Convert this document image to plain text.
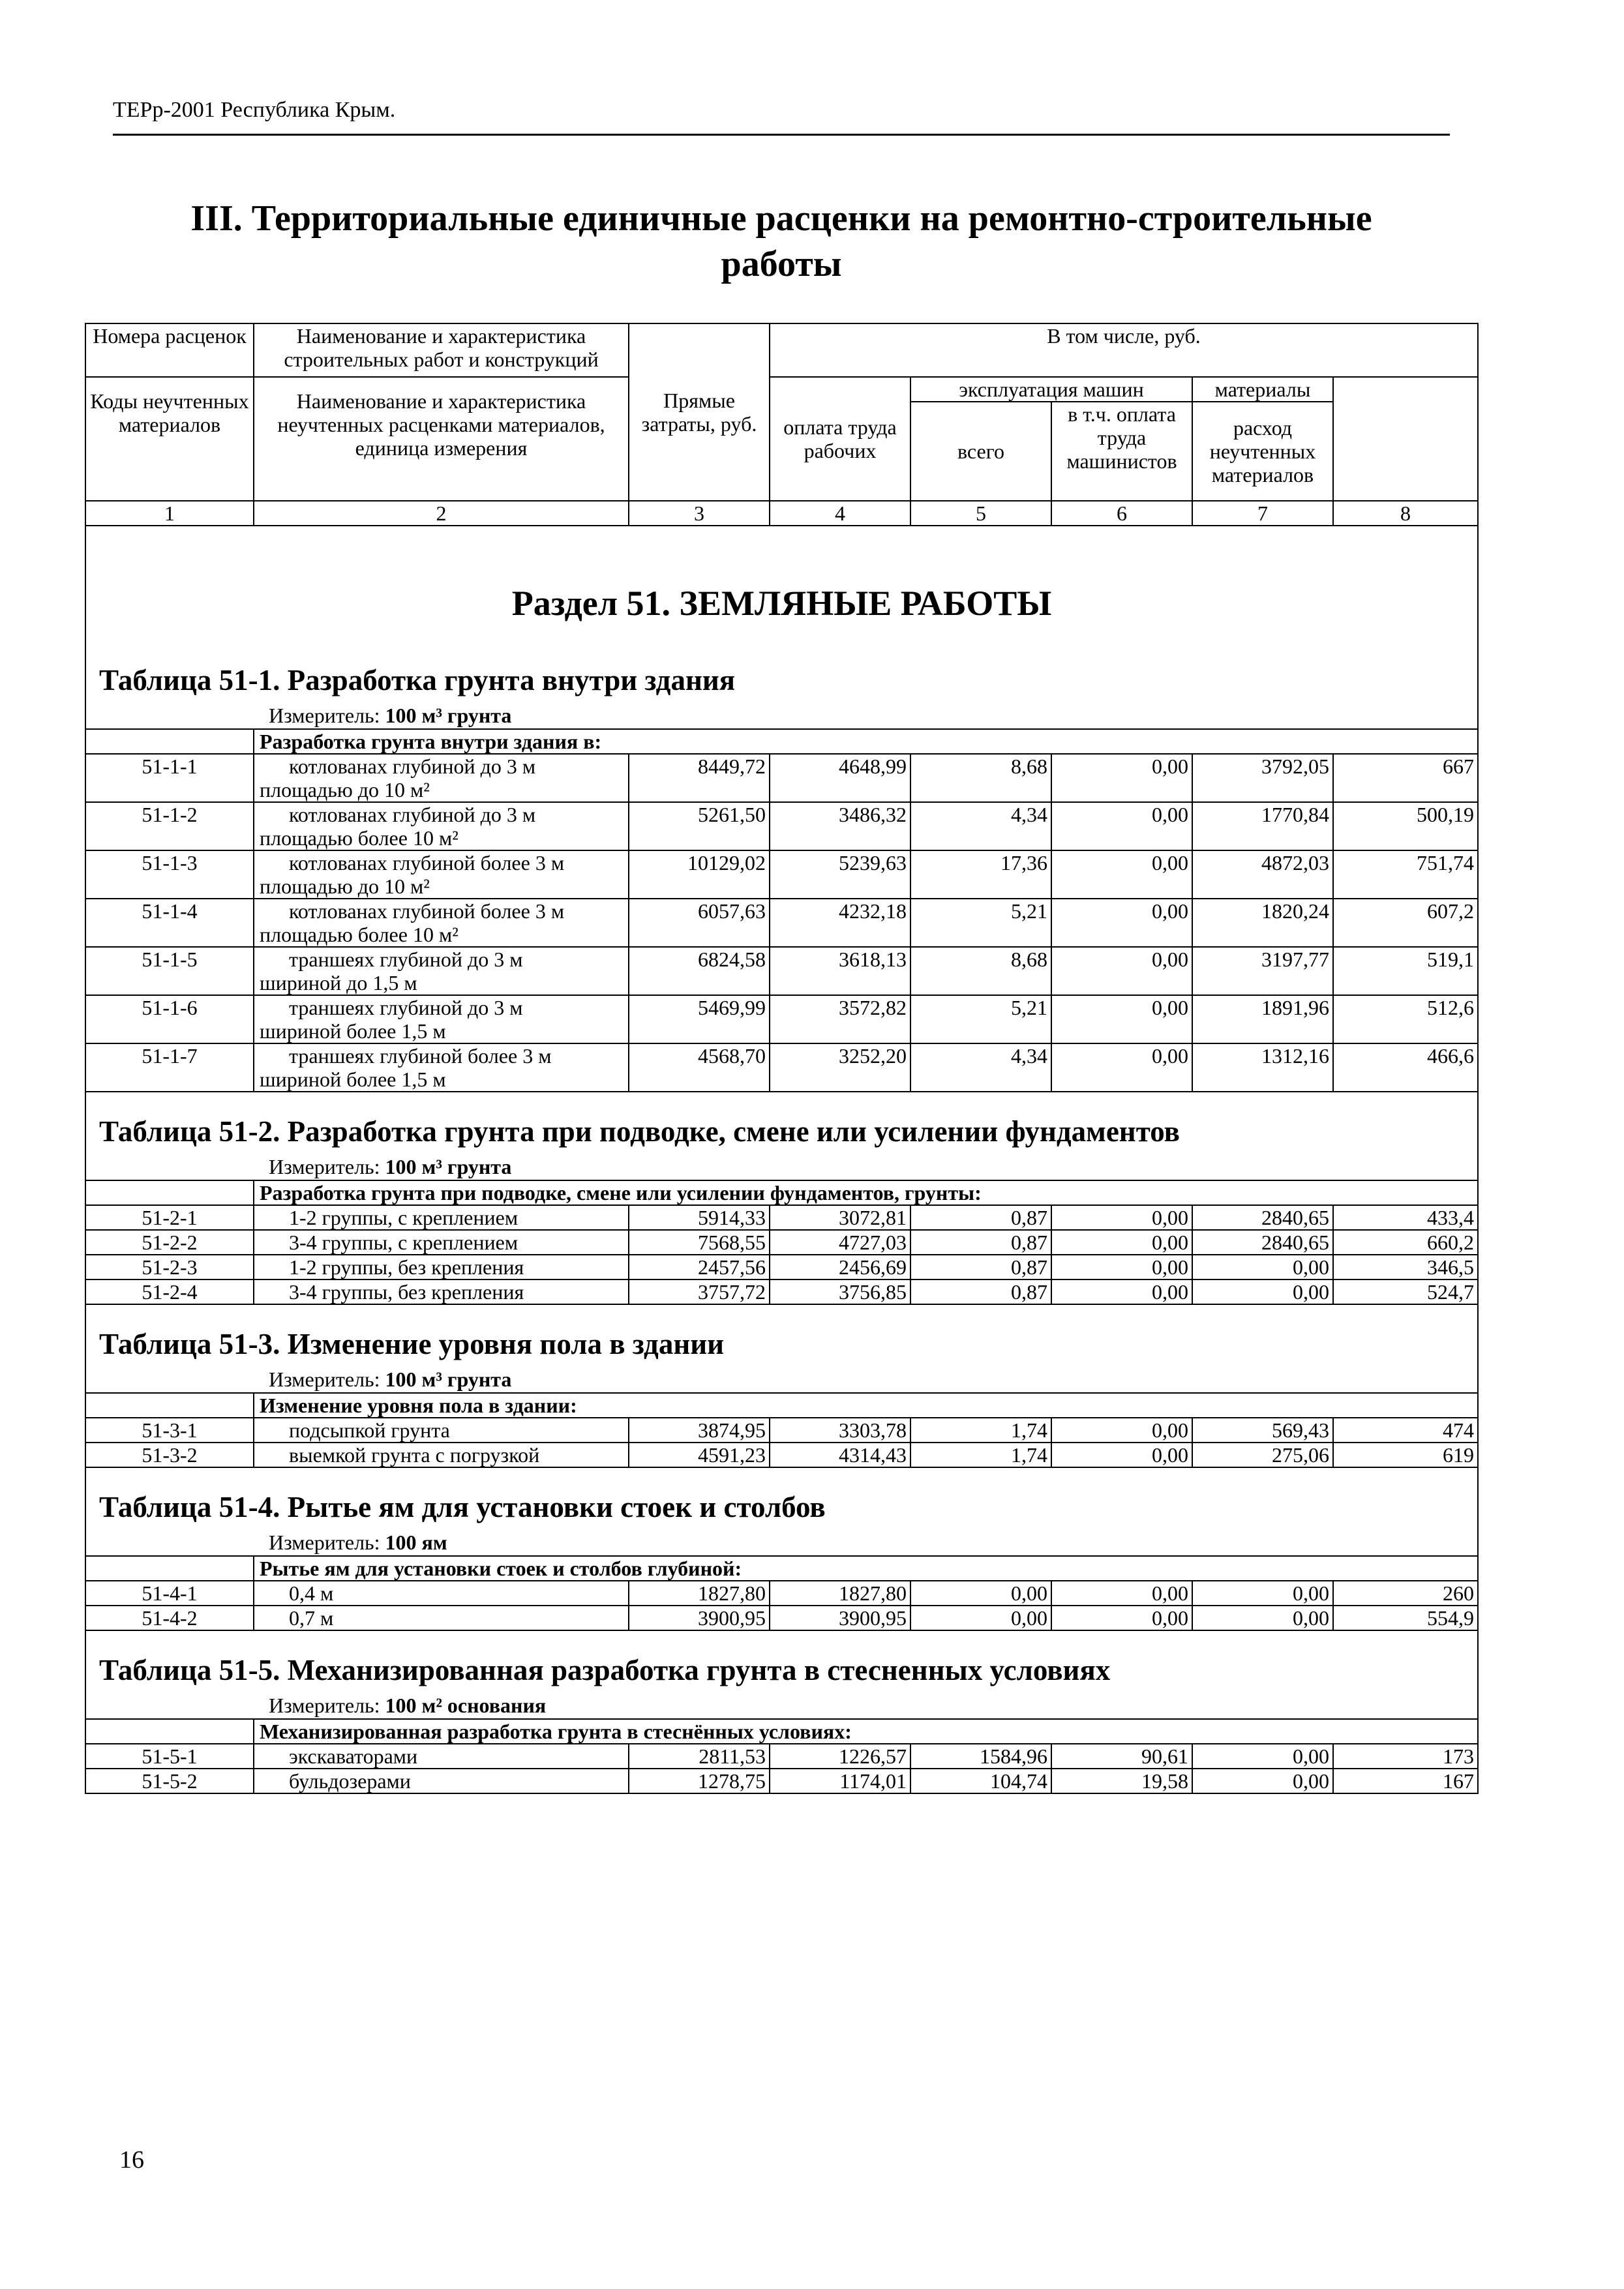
ТЕРр-2001 Республика Крым.
III. Территориальные единичные расценки на ремонтно-строительные
работы
Номера расценок	Наименование и характеристика строительных работ и конструкций	Прямые затраты, руб.	В том числе, руб.	
Коды неучтенных материалов	Наименование и характеристика неучтенных расценками материалов, единица измерения		оплата труда рабочих	эксплуатация машин		материалы		
				всего	в т.ч. оплата труда машинистов	расход неучтенных материалов		
1	2	3	4	5	6	7	8	

Раздел 51. ЗЕМЛЯНЫЕ РАБОТЫ								

Таблица 51-1. Разработка грунта внутри здания
Измеритель: 100 м³ грунта								

	Разработка грунта внутри здания в:							
51-1-1	котлованах глубиной до 3 м
площадью до 10 м²	8449,72	4648,99	8,68	0,00	3792,05	667	
51-1-2	котлованах глубиной до 3 м
площадью более 10 м²	5261,50	3486,32	4,34	0,00	1770,84	500,19	
51-1-3	котлованах глубиной более 3 м
площадью до 10 м²	10129,02	5239,63	17,36	0,00	4872,03	751,74	
51-1-4	котлованах глубиной более 3 м
площадью более 10 м²	6057,63	4232,18	5,21	0,00	1820,24	607,2	
51-1-5	траншеях глубиной до 3 м
шириной до 1,5 м	6824,58	3618,13	8,68	0,00	3197,77	519,1	
51-1-6	траншеях глубиной до 3 м
шириной более 1,5 м	5469,99	3572,82	5,21	0,00	1891,96	512,6	
51-1-7	траншеях глубиной более 3 м
шириной более 1,5 м	4568,70	3252,20	4,34	0,00	1312,16	466,6	

Таблица 51-2. Разработка грунта при подводке, смене или усилении фундаментов
Измеритель: 100 м³ грунта								

	Разработка грунта при подводке, смене или усилении фундаментов, грунты:							
51-2-1	1-2 группы, с креплением	5914,33	3072,81	0,87	0,00	2840,65	433,4	
51-2-2	3-4 группы, с креплением	7568,55	4727,03	0,87	0,00	2840,65	660,2	
51-2-3	1-2 группы, без крепления	2457,56	2456,69	0,87	0,00	0,00	346,5	
51-2-4	3-4 группы, без крепления	3757,72	3756,85	0,87	0,00	0,00	524,7	

Таблица 51-3. Изменение уровня пола в здании
Измеритель: 100 м³ грунта								

	Изменение уровня пола в здании:							
51-3-1	подсыпкой грунта	3874,95	3303,78	1,74	0,00	569,43	474	
51-3-2	выемкой грунта с погрузкой	4591,23	4314,43	1,74	0,00	275,06	619	

Таблица 51-4. Рытье ям для установки стоек и столбов
Измеритель: 100 ям								

	Рытье ям для установки стоек и столбов глубиной:							
51-4-1	0,4 м	1827,80	1827,80	0,00	0,00	0,00	260	
51-4-2	0,7 м	3900,95	3900,95	0,00	0,00	0,00	554,9	

Таблица 51-5. Механизированная разработка грунта в стесненных условиях
Измеритель: 100 м² основания								

	Механизированная разработка грунта в стеснённых условиях:							
51-5-1	экскаваторами	2811,53	1226,57	1584,96	90,61	0,00	173	
51-5-2	бульдозерами	1278,75	1174,01	104,74	19,58	0,00	167	
16
